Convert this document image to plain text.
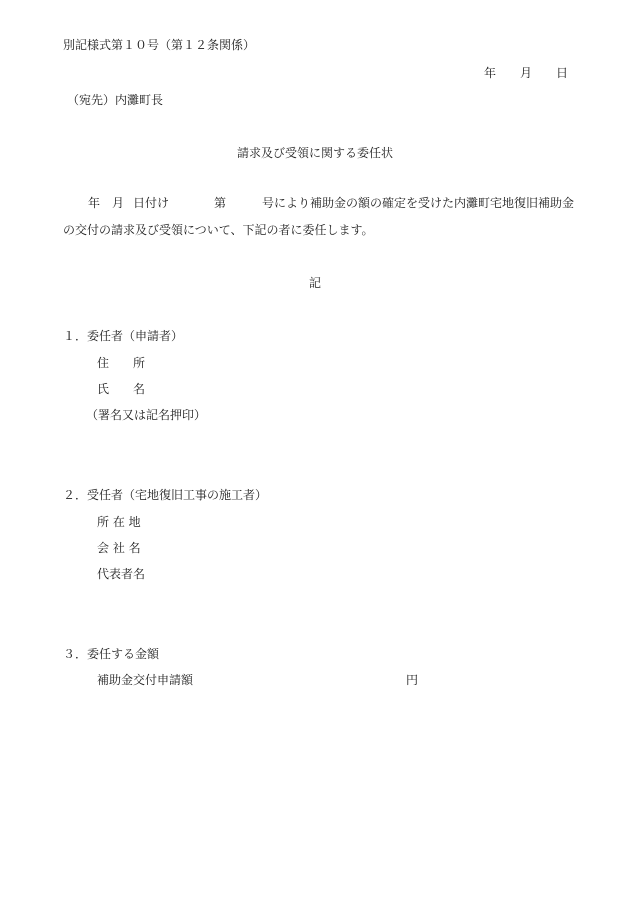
別記様式第１０号（第１２条関係）
年 月 日
（宛先）内灘町長
請求及び受領に関する委任状
年 月 日付け	第	号により補助金の額の確定を受けた内灘町宅地復旧補助金
の交付の請求及び受領について、下記の者に委任します。
記
１．委任者（申請者）
住　　所
氏　　名
（署名又は記名押印）
２．受任者（宅地復旧工事の施工者）
所 在 地
会 社 名
代表者名
３．委任する金額
補助金交付申請額	円
